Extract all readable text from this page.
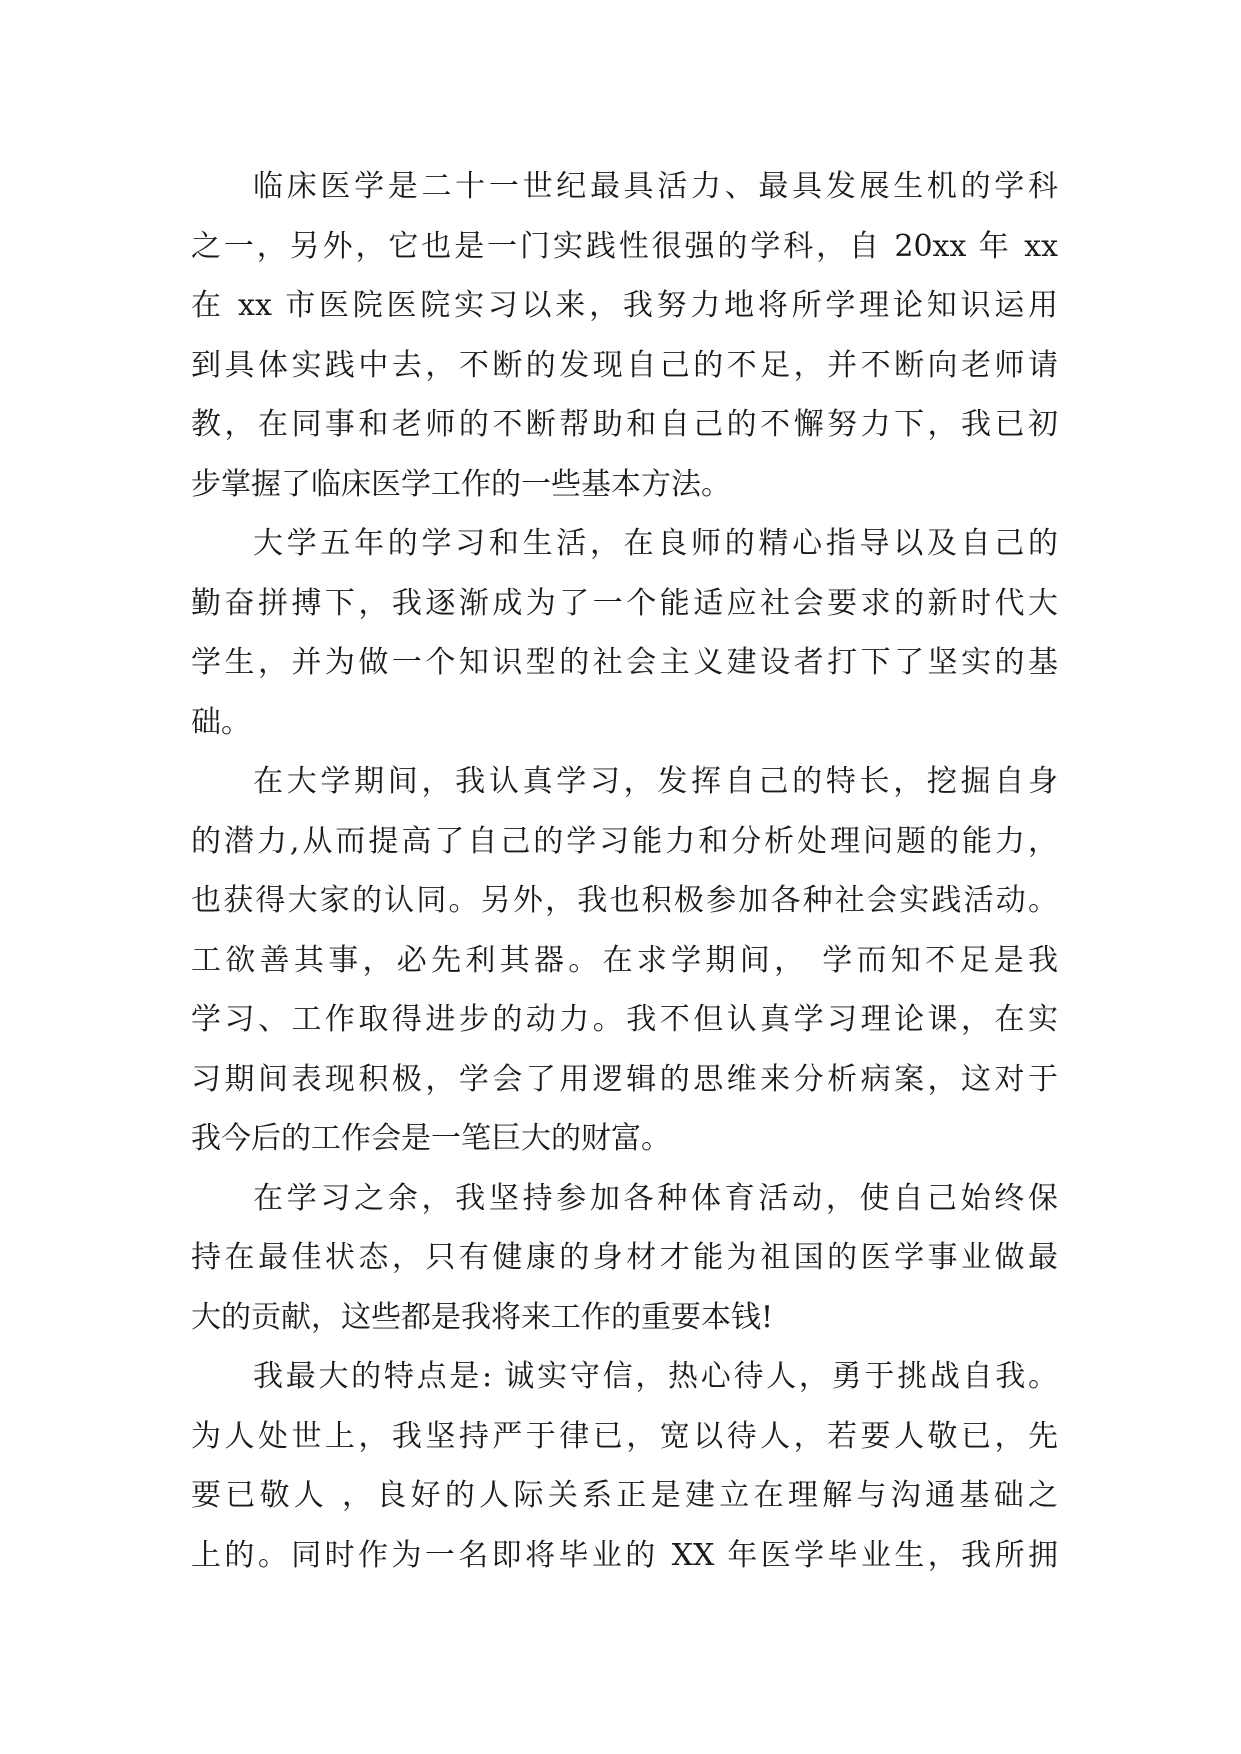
临床医学是二十一世纪最具活力、最具发展生机的学科
之一，另外，它也是一门实践性很强的学科，自 20xx 年 xx
在 xx 市医院医院实习以来，我努力地将所学理论知识运用
到具体实践中去，不断的发现自己的不足，并不断向老师请
教，在同事和老师的不断帮助和自己的不懈努力下，我已初
步掌握了临床医学工作的一些基本方法。
大学五年的学习和生活，在良师的精心指导以及自己的
勤奋拼搏下，我逐渐成为了一个能适应社会要求的新时代大
学生，并为做一个知识型的社会主义建设者打下了坚实的基
础。
在大学期间，我认真学习，发挥自己的特长，挖掘自身
的潜力,从而提高了自己的学习能力和分析处理问题的能力，
也获得大家的认同。另外，我也积极参加各种社会实践活动。
工欲善其事，必先利其器。在求学期间， 学而知不足是我
学习、工作取得进步的动力。我不但认真学习理论课，在实
习期间表现积极，学会了用逻辑的思维来分析病案，这对于
我今后的工作会是一笔巨大的财富。
在学习之余，我坚持参加各种体育活动，使自己始终保
持在最佳状态，只有健康的身材才能为祖国的医学事业做最
大的贡献，这些都是我将来工作的重要本钱!
我最大的特点是: 诚实守信，热心待人，勇于挑战自我。
为人处世上，我坚持严于律已，宽以待人，若要人敬已，先
要已敬人 ，良好的人际关系正是建立在理解与沟通基础之
上的。同时作为一名即将毕业的 XX 年医学毕业生，我所拥
